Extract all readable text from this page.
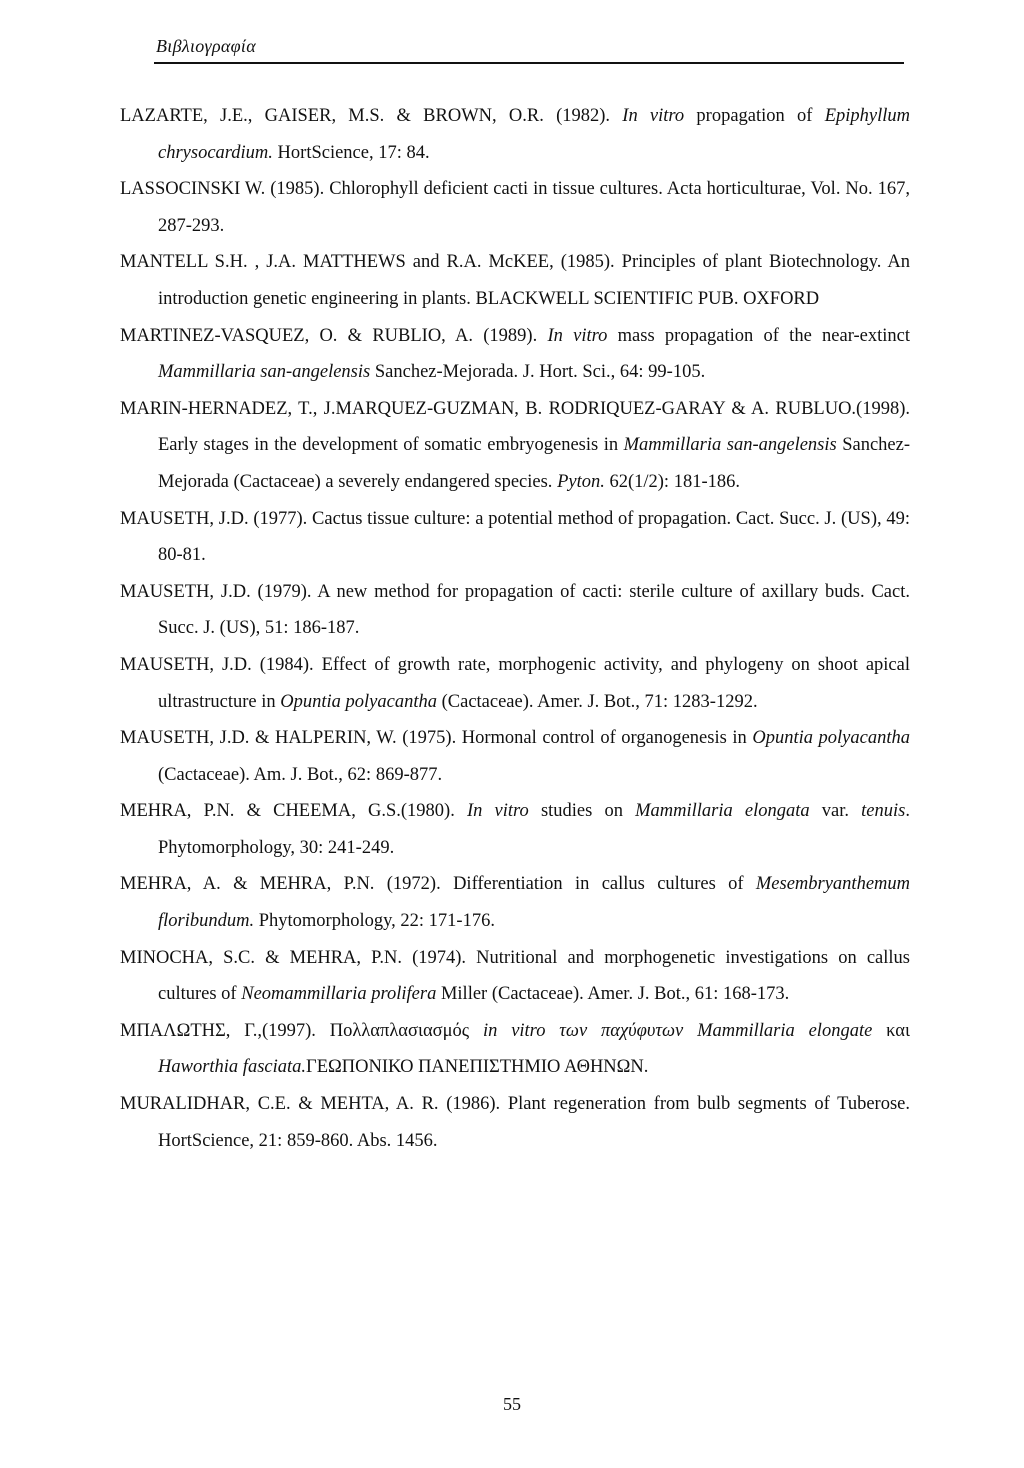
Βιβλιογραφία
LAZARTE, J.E., GAISER, M.S. & BROWN, O.R. (1982). In vitro propagation of Epiphyllum chrysocardium. HortScience, 17: 84.
LASSOCINSKI W. (1985). Chlorophyll deficient cacti in tissue cultures. Acta horticulturae, Vol. No. 167, 287-293.
MANTELL S.H. , J.A. MATTHEWS and R.A. McKEE, (1985). Principles of plant Biotechnology. An introduction genetic engineering in plants. BLACKWELL SCIENTIFIC PUB. OXFORD
MARTINEZ-VASQUEZ, O. & RUBLIO, A. (1989). In vitro mass propagation of the near-extinct Mammillaria san-angelensis Sanchez-Mejorada. J. Hort. Sci., 64: 99-105.
MARIN-HERNADEZ, T., J.MARQUEZ-GUZMAN, B. RODRIQUEZ-GARAY & A. RUBLUO.(1998). Early stages in the development of somatic embryogenesis in Mammillaria san-angelensis Sanchez-Mejorada (Cactaceae) a severely endangered species. Pyton. 62(1/2): 181-186.
MAUSETH, J.D. (1977). Cactus tissue culture: a potential method of propagation. Cact. Succ. J. (US), 49: 80-81.
MAUSETH, J.D. (1979). A new method for propagation of cacti: sterile culture of axillary buds. Cact. Succ. J. (US), 51: 186-187.
MAUSETH, J.D. (1984). Effect of growth rate, morphogenic activity, and phylogeny on shoot apical ultrastructure in Opuntia polyacantha (Cactaceae). Amer. J. Bot., 71: 1283-1292.
MAUSETH, J.D. & HALPERIN, W. (1975). Hormonal control of organogenesis in Opuntia polyacantha (Cactaceae). Am. J. Bot., 62: 869-877.
MEHRA, P.N. & CHEEMA, G.S.(1980). In vitro studies on Mammillaria elongata var. tenuis. Phytomorphology, 30: 241-249.
MEHRA, A. & MEHRA, P.N. (1972). Differentiation in callus cultures of Mesembryanthemum floribundum. Phytomorphology, 22: 171-176.
MINOCHA, S.C. & MEHRA, P.N. (1974). Nutritional and morphogenetic investigations on callus cultures of Neomammillaria prolifera Miller (Cactaceae). Amer. J. Bot., 61: 168-173.
ΜΠΑΛΩΤΗΣ, Γ.,(1997). Πολλαπλασιασμός in vitro των παχύφυτων Mammillaria elongate και Haworthia fasciata.ΓΕΩΠΟΝΙΚΟ ΠΑΝΕΠΙΣΤΗΜΙΟ ΑΘΗΝΩΝ.
MURALIDHAR, C.E. & MEHTA, A. R. (1986). Plant regeneration from bulb segments of Tuberose. HortScience, 21: 859-860. Abs. 1456.
55
